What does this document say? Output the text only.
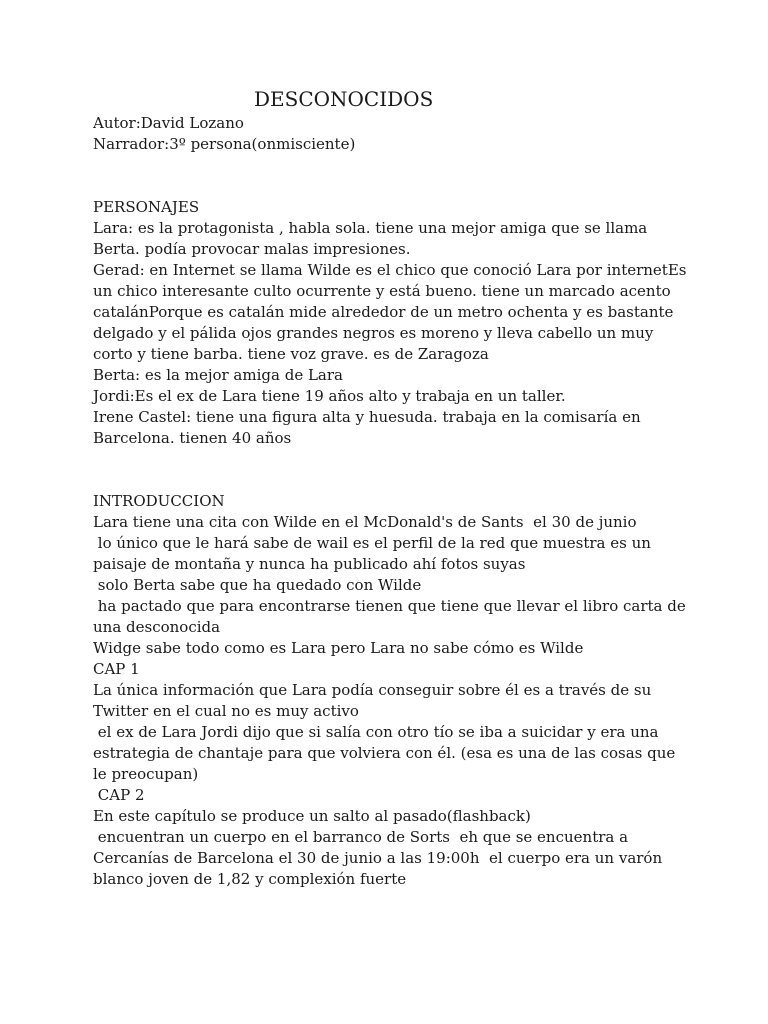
DESCONOCIDOS
Autor:David Lozano
Narrador:3º persona(onmisciente)
PERSONAJES
Lara: es la protagonista , habla sola. tiene una mejor amiga que se llama
Berta. podía provocar malas impresiones.
Gerad: en Internet se llama Wilde es el chico que conoció Lara por internetEs
un chico interesante culto ocurrente y está bueno. tiene un marcado acento
catalánPorque es catalán mide alrededor de un metro ochenta y es bastante
delgado y el pálida ojos grandes negros es moreno y lleva cabello un muy
corto y tiene barba. tiene voz grave. es de Zaragoza
Berta: es la mejor amiga de Lara
Jordi:Es el ex de Lara tiene 19 años alto y trabaja en un taller.
Irene Castel: tiene una figura alta y huesuda. trabaja en la comisaría en
Barcelona. tienen 40 años
INTRODUCCION
Lara tiene una cita con Wilde en el McDonald's de Sants  el 30 de junio
lo único que le hará sabe de wail es el perfil de la red que muestra es un
paisaje de montaña y nunca ha publicado ahí fotos suyas
solo Berta sabe que ha quedado con Wilde
ha pactado que para encontrarse tienen que tiene que llevar el libro carta de
una desconocida
Widge sabe todo como es Lara pero Lara no sabe cómo es Wilde
CAP 1
La única información que Lara podía conseguir sobre él es a través de su
Twitter en el cual no es muy activo
el ex de Lara Jordi dijo que si salía con otro tío se iba a suicidar y era una
estrategia de chantaje para que volviera con él. (esa es una de las cosas que
le preocupan)
CAP 2
En este capítulo se produce un salto al pasado(flashback)
encuentran un cuerpo en el barranco de Sorts  eh que se encuentra a
Cercanías de Barcelona el 30 de junio a las 19:00h  el cuerpo era un varón
blanco joven de 1,82 y complexión fuerte
